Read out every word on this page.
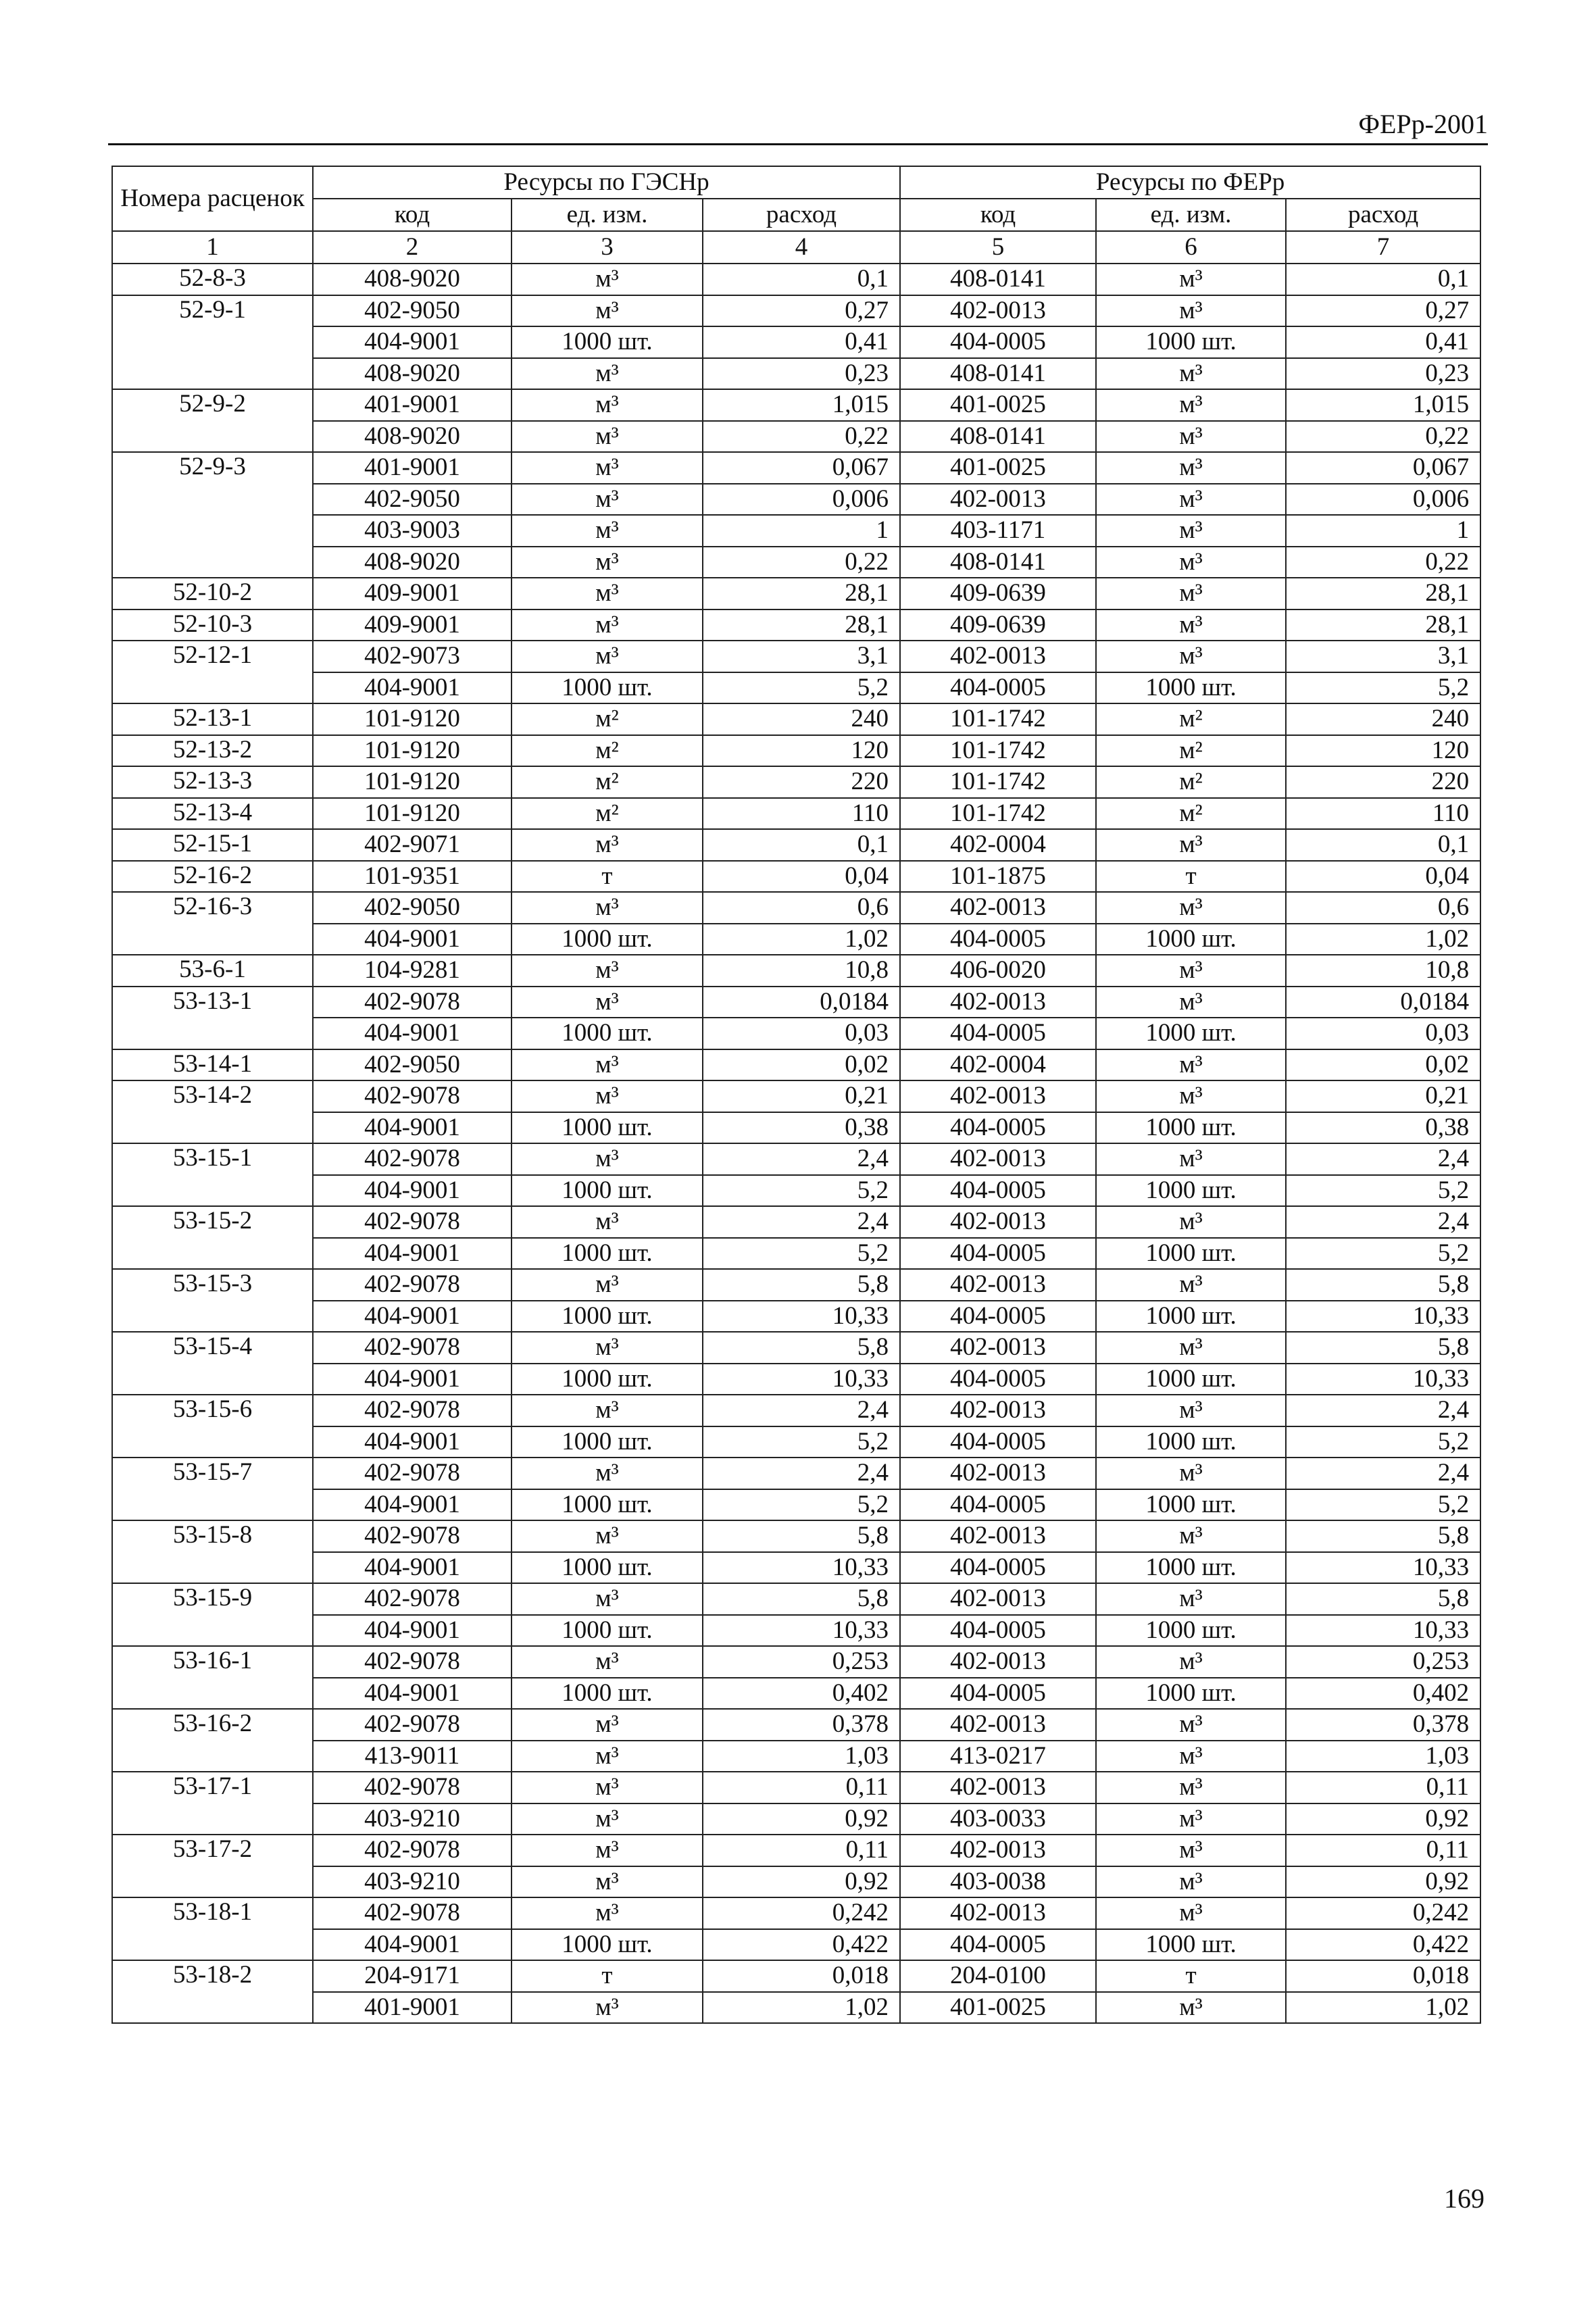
ФЕРр-2001
Номера расценок	Ресурсы по ГЭСНр			Ресурсы по ФЕРр		
	код	ед. изм.	расход	код	ед. изм.	расход
1	2	3	4	5	6	7
52-8-3	408-9020	м³	0,1	408-0141	м³	0,1
52-9-1	402-9050	м³	0,27	402-0013	м³	0,27
	404-9001	1000 шт.	0,41	404-0005	1000 шт.	0,41
	408-9020	м³	0,23	408-0141	м³	0,23
52-9-2	401-9001	м³	1,015	401-0025	м³	1,015
	408-9020	м³	0,22	408-0141	м³	0,22
52-9-3	401-9001	м³	0,067	401-0025	м³	0,067
	402-9050	м³	0,006	402-0013	м³	0,006
	403-9003	м³	1	403-1171	м³	1
	408-9020	м³	0,22	408-0141	м³	0,22
52-10-2	409-9001	м³	28,1	409-0639	м³	28,1
52-10-3	409-9001	м³	28,1	409-0639	м³	28,1
52-12-1	402-9073	м³	3,1	402-0013	м³	3,1
	404-9001	1000 шт.	5,2	404-0005	1000 шт.	5,2
52-13-1	101-9120	м²	240	101-1742	м²	240
52-13-2	101-9120	м²	120	101-1742	м²	120
52-13-3	101-9120	м²	220	101-1742	м²	220
52-13-4	101-9120	м²	110	101-1742	м²	110
52-15-1	402-9071	м³	0,1	402-0004	м³	0,1
52-16-2	101-9351	т	0,04	101-1875	т	0,04
52-16-3	402-9050	м³	0,6	402-0013	м³	0,6
	404-9001	1000 шт.	1,02	404-0005	1000 шт.	1,02
53-6-1	104-9281	м³	10,8	406-0020	м³	10,8
53-13-1	402-9078	м³	0,0184	402-0013	м³	0,0184
	404-9001	1000 шт.	0,03	404-0005	1000 шт.	0,03
53-14-1	402-9050	м³	0,02	402-0004	м³	0,02
53-14-2	402-9078	м³	0,21	402-0013	м³	0,21
	404-9001	1000 шт.	0,38	404-0005	1000 шт.	0,38
53-15-1	402-9078	м³	2,4	402-0013	м³	2,4
	404-9001	1000 шт.	5,2	404-0005	1000 шт.	5,2
53-15-2	402-9078	м³	2,4	402-0013	м³	2,4
	404-9001	1000 шт.	5,2	404-0005	1000 шт.	5,2
53-15-3	402-9078	м³	5,8	402-0013	м³	5,8
	404-9001	1000 шт.	10,33	404-0005	1000 шт.	10,33
53-15-4	402-9078	м³	5,8	402-0013	м³	5,8
	404-9001	1000 шт.	10,33	404-0005	1000 шт.	10,33
53-15-6	402-9078	м³	2,4	402-0013	м³	2,4
	404-9001	1000 шт.	5,2	404-0005	1000 шт.	5,2
53-15-7	402-9078	м³	2,4	402-0013	м³	2,4
	404-9001	1000 шт.	5,2	404-0005	1000 шт.	5,2
53-15-8	402-9078	м³	5,8	402-0013	м³	5,8
	404-9001	1000 шт.	10,33	404-0005	1000 шт.	10,33
53-15-9	402-9078	м³	5,8	402-0013	м³	5,8
	404-9001	1000 шт.	10,33	404-0005	1000 шт.	10,33
53-16-1	402-9078	м³	0,253	402-0013	м³	0,253
	404-9001	1000 шт.	0,402	404-0005	1000 шт.	0,402
53-16-2	402-9078	м³	0,378	402-0013	м³	0,378
	413-9011	м³	1,03	413-0217	м³	1,03
53-17-1	402-9078	м³	0,11	402-0013	м³	0,11
	403-9210	м³	0,92	403-0033	м³	0,92
53-17-2	402-9078	м³	0,11	402-0013	м³	0,11
	403-9210	м³	0,92	403-0038	м³	0,92
53-18-1	402-9078	м³	0,242	402-0013	м³	0,242
	404-9001	1000 шт.	0,422	404-0005	1000 шт.	0,422
53-18-2	204-9171	т	0,018	204-0100	т	0,018
	401-9001	м³	1,02	401-0025	м³	1,02
169
